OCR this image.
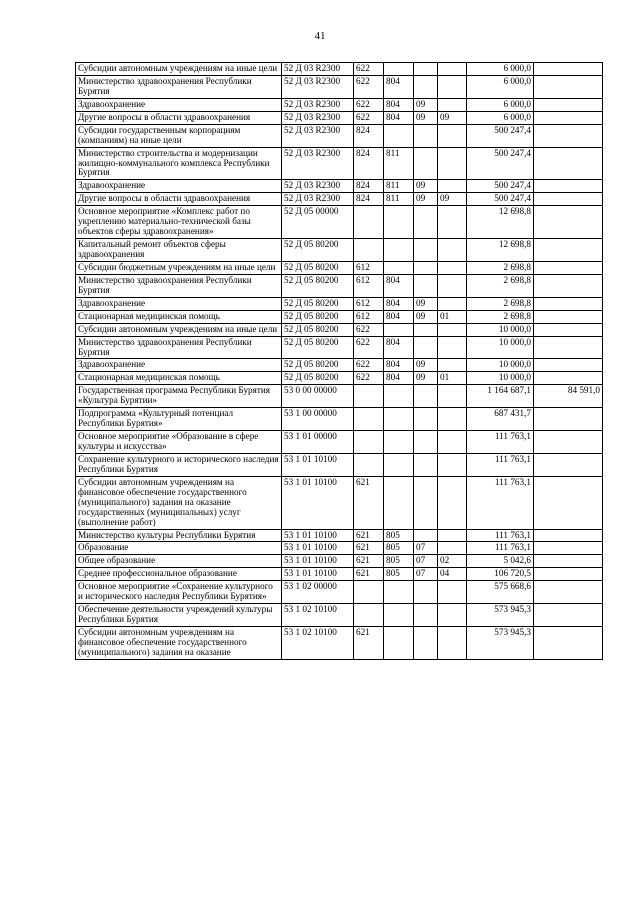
41
Субсидии автономным учреждениям на иные цели	52 Д 03 R2300	622				6 000,0	
Министерство здравоохранения Республики Бурятия	52 Д 03 R2300	622	804			6 000,0	
Здравоохранение	52 Д 03 R2300	622	804	09		6 000,0	
Другие вопросы в области здравоохранения	52 Д 03 R2300	622	804	09	09	6 000,0	
Субсидии государственным корпорациям (компаниям) на иные цели	52 Д 03 R2300	824				500 247,4	
Министерство строительства и модернизации жилищно-коммунального комплекса Республики Бурятия	52 Д 03 R2300	824	811			500 247,4	
Здравоохранение	52 Д 03 R2300	824	811	09		500 247,4	
Другие вопросы в области здравоохранения	52 Д 03 R2300	824	811	09	09	500 247,4	
Основное мероприятие «Комплекс работ по укреплению материально-технической базы объектов сферы здравоохранения»	52 Д 05 00000					12 698,8	
Капитальный ремонт объектов сферы здравоохранения	52 Д 05 80200					12 698,8	
Субсидии бюджетным учреждениям на иные цели	52 Д 05 80200	612				2 698,8	
Министерство здравоохранения Республики Бурятия	52 Д 05 80200	612	804			2 698,8	
Здравоохранение	52 Д 05 80200	612	804	09		2 698,8	
Стационарная медицинская помощь	52 Д 05 80200	612	804	09	01	2 698,8	
Субсидии автономным учреждениям на иные цели	52 Д 05 80200	622				10 000,0	
Министерство здравоохранения Республики Бурятия	52 Д 05 80200	622	804			10 000,0	
Здравоохранение	52 Д 05 80200	622	804	09		10 000,0	
Стационарная медицинская помощь	52 Д 05 80200	622	804	09	01	10 000,0	
Государственная программа Республики Бурятия «Культура Бурятии»	53 0 00 00000					1 164 687,1	84 591,0
Подпрограмма «Культурный потенциал Республики Бурятия»	53 1 00 00000					687 431,7	
Основное мероприятие «Образование в сфере культуры и искусства»	53 1 01 00000					111 763,1	
Сохранение культурного и исторического наследия Республики Бурятия	53 1 01 10100					111 763,1	
Субсидии автономным учреждениям на финансовое обеспечение государственного (муниципального) задания на оказание государственных (муниципальных) услуг (выполнение работ)	53 1 01 10100	621				111 763,1	
Министерство культуры Республики Бурятия	53 1 01 10100	621	805			111 763,1	
Образование	53 1 01 10100	621	805	07		111 763,1	
Общее образование	53 1 01 10100	621	805	07	02	5 042,6	
Среднее профессиональное образование	53 1 01 10100	621	805	07	04	106 720,5	
Основное мероприятие «Сохранение культурного и исторического наследия Республики Бурятия»	53 1 02 00000					575 668,6	
Обеспечение деятельности учреждений культуры Республики Бурятия	53 1 02 10100					573 945,3	
Субсидии автономным учреждениям на финансовое обеспечение государственного (муниципального) задания на оказание	53 1 02 10100	621				573 945,3	
